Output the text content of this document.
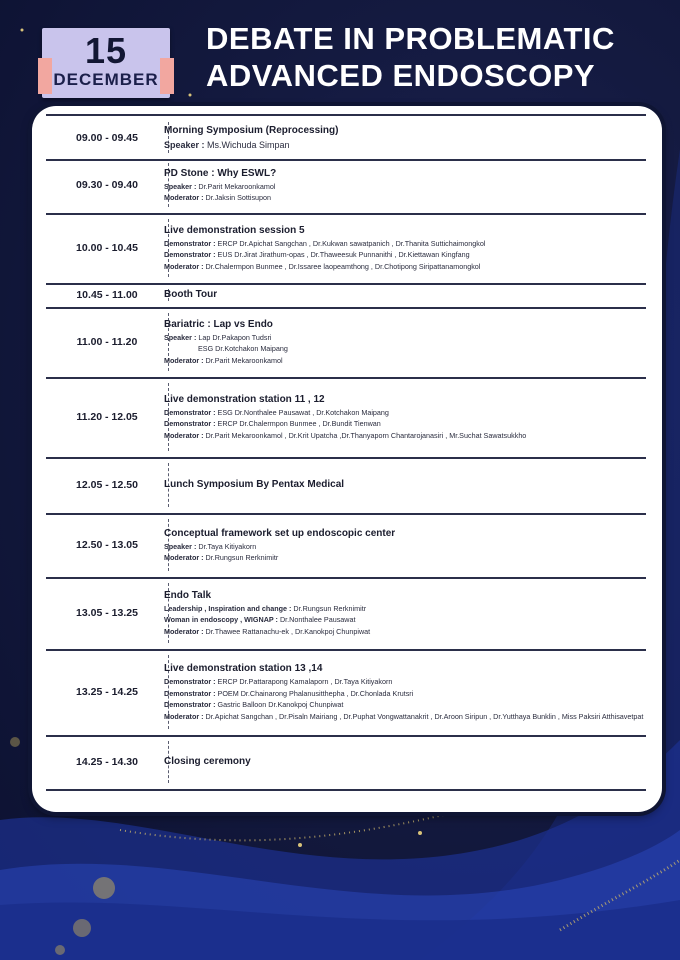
15
DECEMBER
DEBATE IN PROBLEMATIC
ADVANCED ENDOSCOPY
09.00 - 09.45
Morning Symposium (Reprocessing)
Speaker : Ms.Wichuda Simpan
09.30 - 09.40
PD Stone : Why ESWL?
Speaker : Dr.Parit Mekaroonkamol
Moderator : Dr.Jaksin Sottisupon
10.00 - 10.45
Live demonstration session 5
Demonstrator : ERCP Dr.Apichat Sangchan , Dr.Kukwan sawatpanich , Dr.Thanita Suttichaimongkol
Demonstrator : EUS Dr.Jirat Jirathum-opas , Dr.Thaweesuk Punnanithi , Dr.Kiettawan Kingfang
Moderator : Dr.Chalermpon Bunmee , Dr.Issaree laopeamthong , Dr.Chotipong Siripattanamongkol
10.45 - 11.00	Booth Tour
11.00 - 11.20
Bariatric : Lap vs Endo
Speaker : Lap Dr.Pakapon Tudsri
ESG Dr.Kotchakon Maipang
Moderator : Dr.Parit Mekaroonkamol
11.20 - 12.05
Live demonstration station 11 , 12
Demonstrator : ESG Dr.Nonthalee Pausawat , Dr.Kotchakon Maipang
Demonstrator : ERCP Dr.Chalermpon Bunmee , Dr.Bundit Tienwan
Moderator : Dr.Parit Mekaroonkamol , Dr.Krit Upatcha ,Dr.Thanyaporn Chantarojanasiri , Mr.Suchat Sawatsukkho
12.05 - 12.50	Lunch Symposium By Pentax Medical
12.50 - 13.05
Conceptual framework set up endoscopic center
Speaker : Dr.Taya Kitiyakorn
Moderator : Dr.Rungsun Rerknimitr
13.05 - 13.25
Endo Talk
Leadership , Inspiration and change : Dr.Rungsun Rerknimitr
Woman in endoscopy , WIGNAP : Dr.Nonthalee Pausawat
Moderator : Dr.Thawee Rattanachu-ek , Dr.Kanokpoj Chunpiwat
13.25 - 14.25
Live demonstration station 13 ,14
Demonstrator : ERCP Dr.Pattarapong Kamalaporn , Dr.Taya Kitiyakorn
Demonstrator : POEM Dr.Chainarong Phalanusitthepha , Dr.Chonlada Krutsri
Demonstrator : Gastric Balloon Dr.Kanokpoj Chunpiwat
Moderator : Dr.Apichat Sangchan , Dr.Pisaln Mairiang , Dr.Puphat Vongwattanakrit , Dr.Aroon Siripun , Dr.Yutthaya Bunklin , Miss Paksiri Atthisavetpat
14.25 - 14.30	Closing ceremony
